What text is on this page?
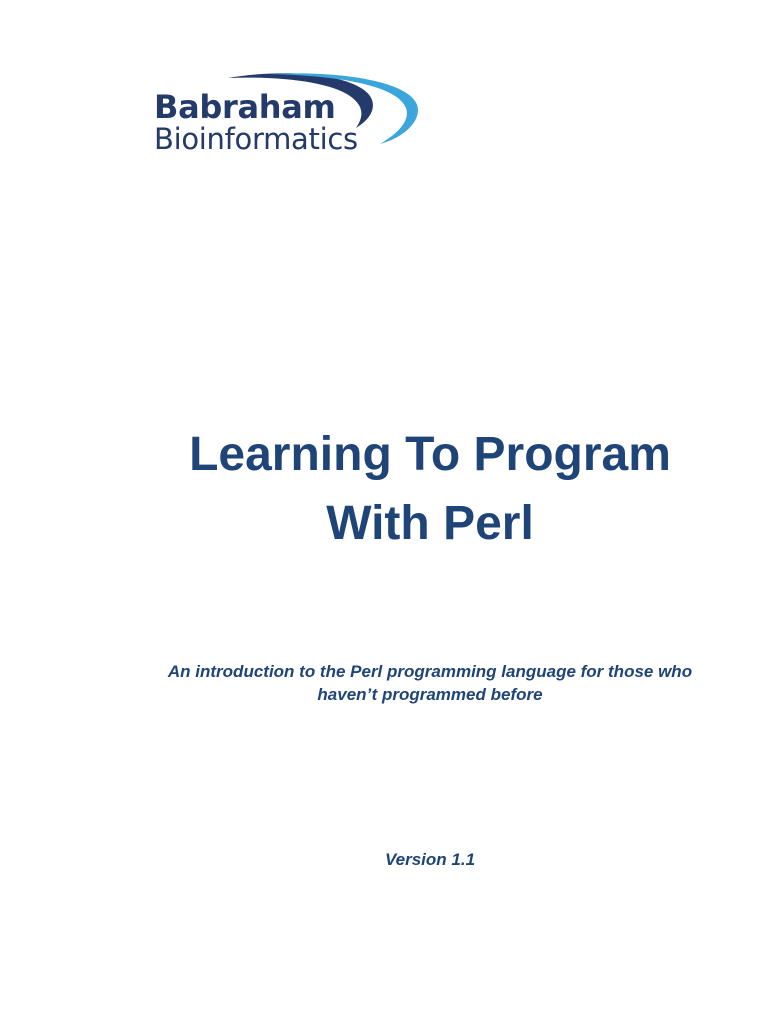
Babraham
Bioinformatics
Learning To Program
With Perl
An introduction to the Perl programming language for those who
haven’t programmed before
Version 1.1
